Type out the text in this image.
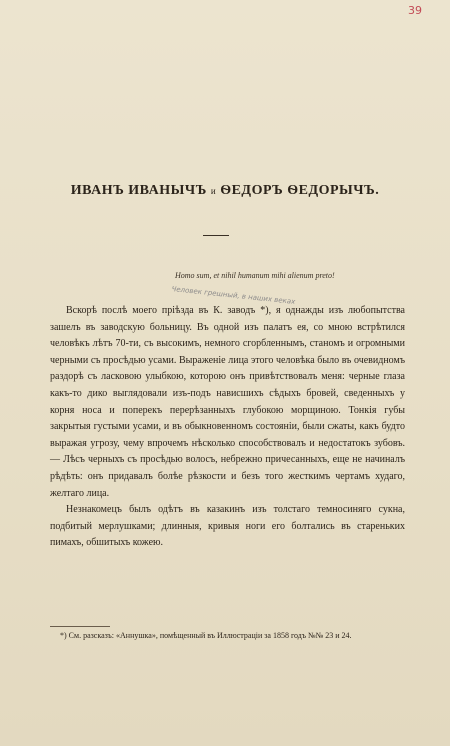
39
ИВАНЪ ИВАНЫЧЪ и ѲЕДОРЪ ѲЕДОРЫЧЪ.
Homo sum, et nihil humanum mihi alienum preto!
Человек грешный, в наших веках

Вскорѣ послѣ моего прiѣзда въ К. заводъ *), я однажды изъ любопытства зашелъ въ заводскую больницу. Въ одной изъ палатъ ея, со мною встрѣтился человѣкъ лѣтъ 70-ти, съ высокимъ, немного сгорбленнымъ, станомъ и огромными черными съ просѣдью усами. Выраженiе лица этого человѣка было въ очевидномъ раздорѣ съ ласковою улыбкою, которою онъ привѣтствовалъ меня: черные глаза какъ-то дико выглядовали изъ-подъ нависшихъ сѣдыхъ бровей, сведенныхъ у корня носа и поперекъ перерѣзанныхъ глубокою морщиною. Тонкiя губы закрытыя густыми усами, и въ обыкновенномъ состоянiи, были сжаты, какъ будто выражая угрозу, чему впрочемъ нѣсколько способствовалъ и недостатокъ зубовъ. — Лѣсъ черныхъ съ просѣдью волосъ, небрежно причесанныхъ, еще не начиналъ рѣдѣть: онъ придавалъ болѣе рѣзкости и безъ того жесткимъ чертамъ худаго, желтаго лица.

Незнакомецъ былъ одѣтъ въ казакинъ изъ толстаго темносиняго сукна, подбитый мерлушками; длинныя, кривыя ноги его болтались въ стареньких пимахъ, обшитыхъ кожею.

*) См. разсказъ: «Аннушка», помѣщенный въ Иллюстрацiи за 1858 годъ №№ 23 и 24.
